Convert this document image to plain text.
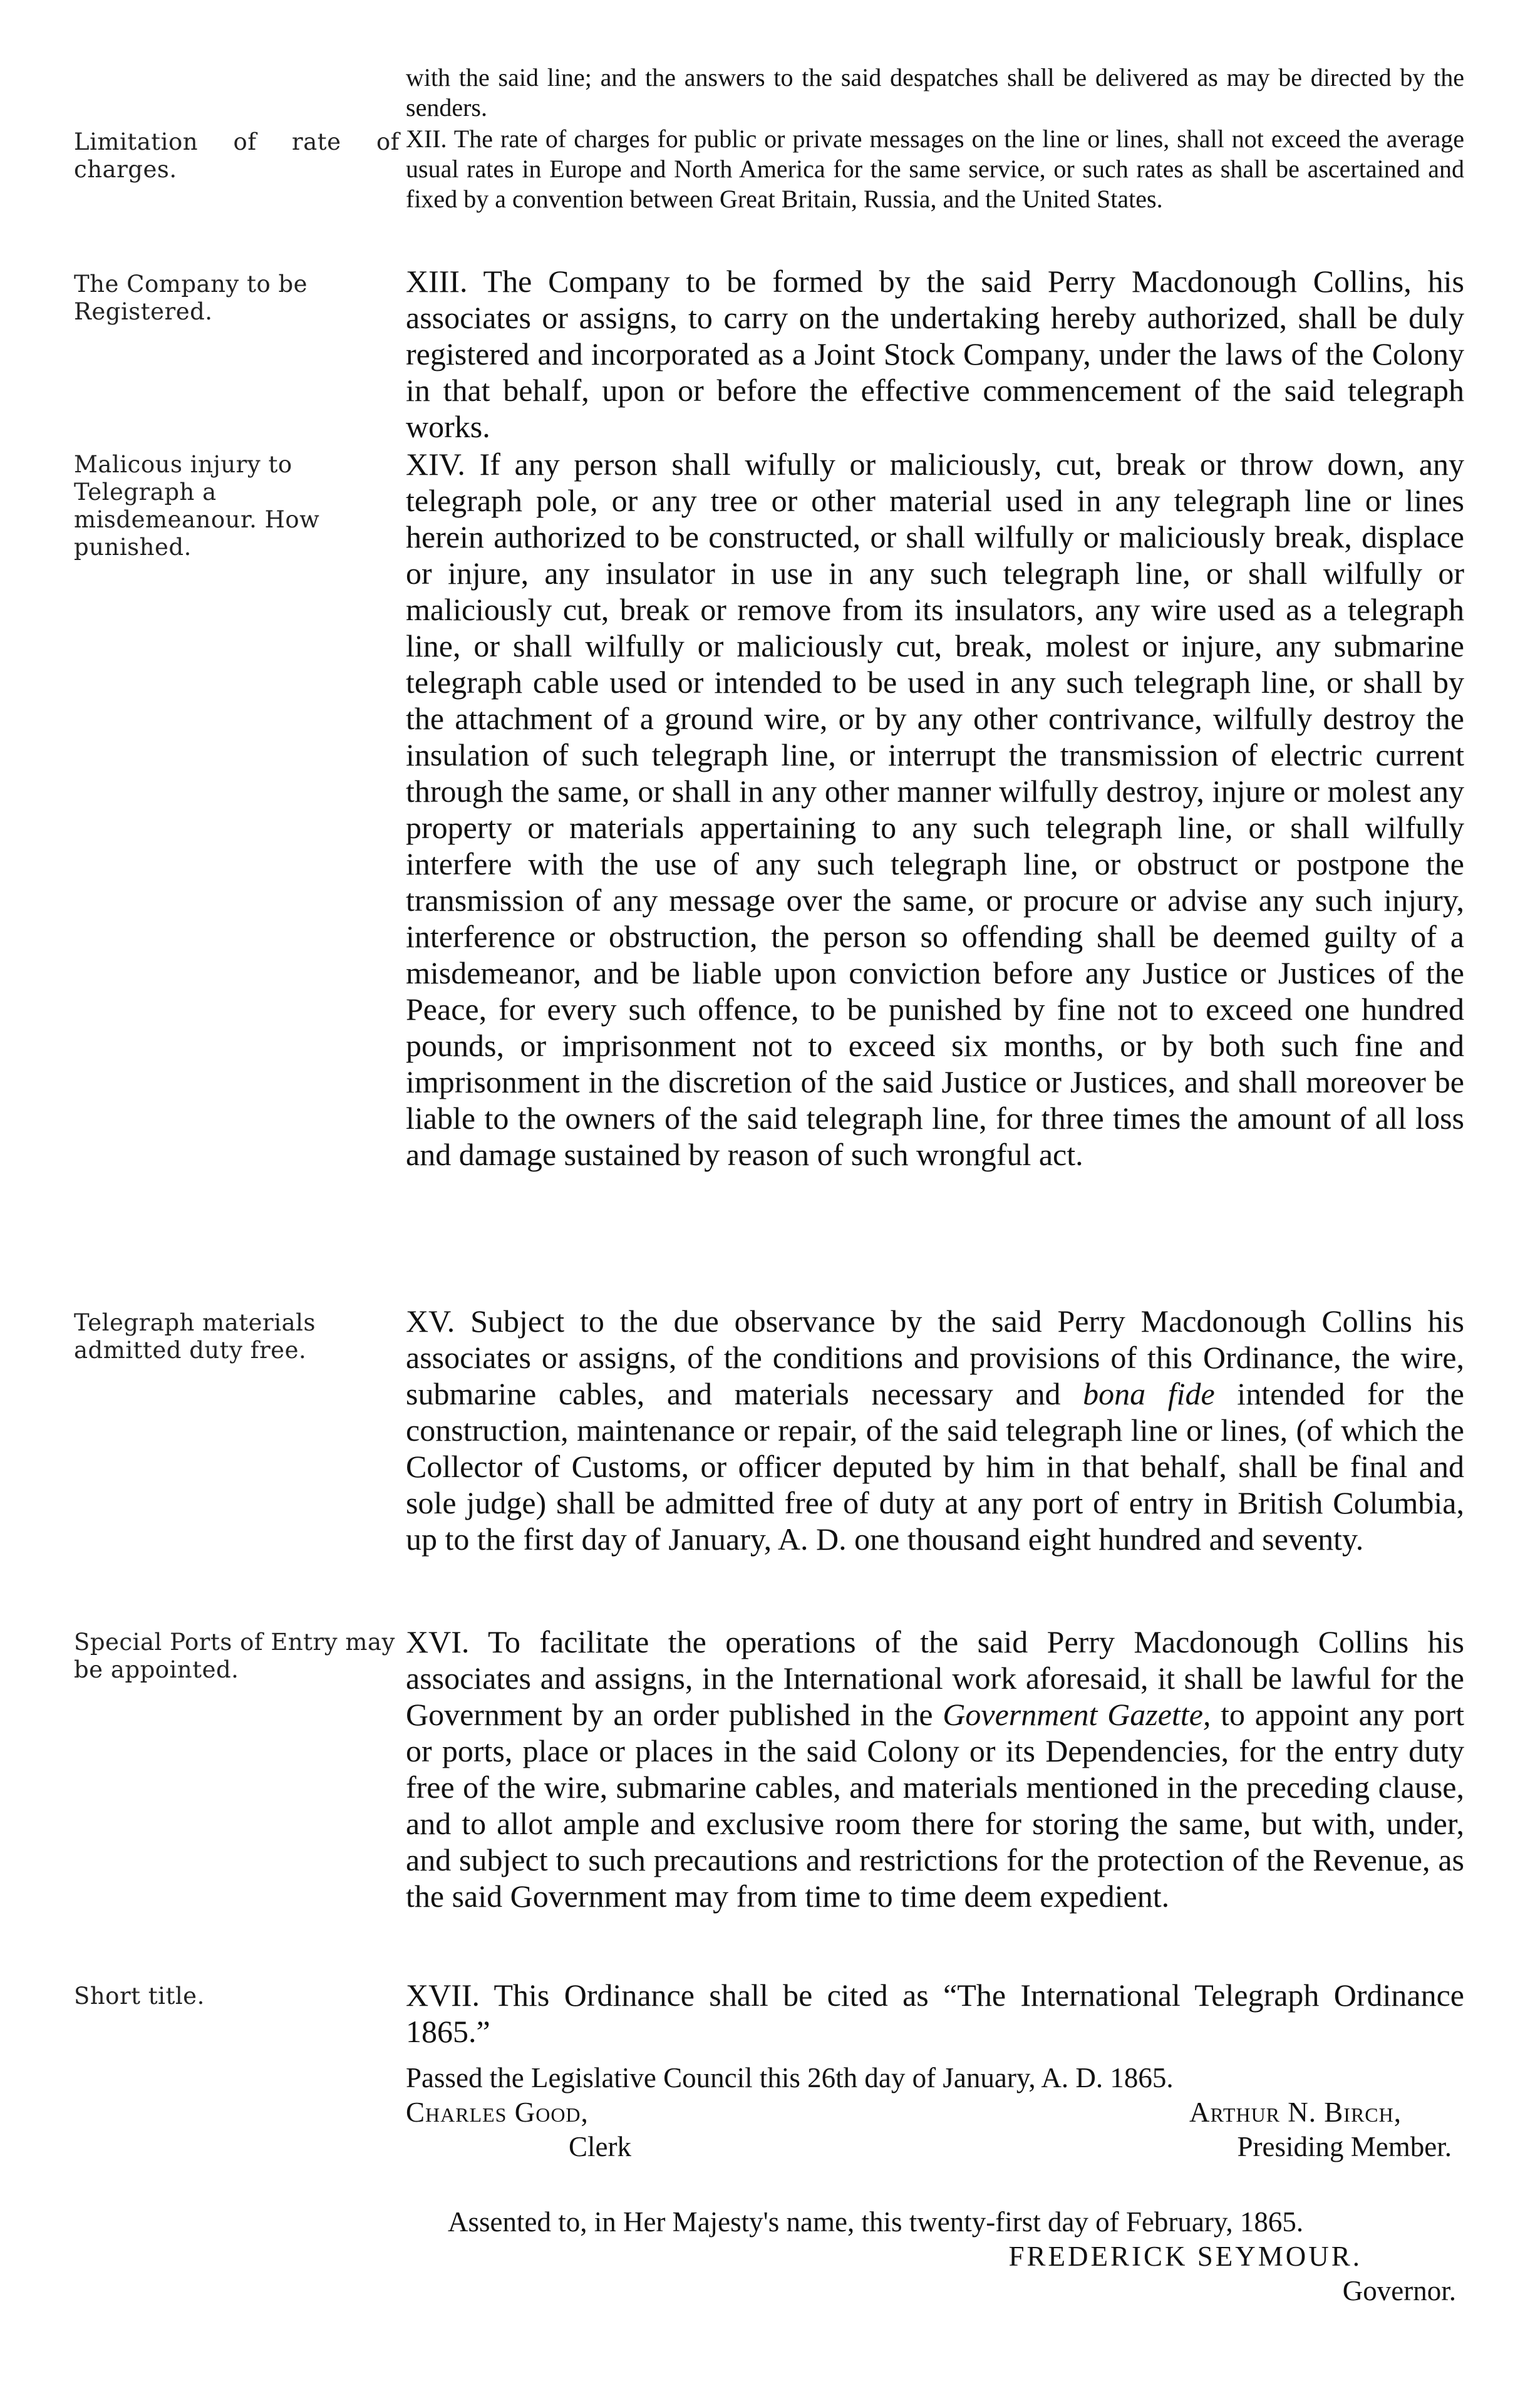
with the said line; and the answers to the said despatches shall be delivered as may be directed by the senders.

Limitation of rate of charges.

XII. The rate of charges for public or private messages on the line or lines, shall not exceed the average usual rates in Europe and North America for the same service, or such rates as shall be ascertained and fixed by a convention between Great Britain, Russia, and the United States.

The Company to be Registered.

XIII. The Company to be formed by the said Perry Macdonough Collins, his associates or assigns, to carry on the undertaking hereby authorized, shall be duly registered and incorporated as a Joint Stock Company, under the laws of the Colony in that behalf, upon or before the effective commencement of the said telegraph works.

Malicous injury to Telegraph a misdemeanour. How punished.

XIV. If any person shall wifully or maliciously, cut, break or throw down, any telegraph pole, or any tree or other material used in any telegraph line or lines herein authorized to be constructed, or shall wilfully or maliciously break, displace or injure, any insulator in use in any such telegraph line, or shall wilfully or maliciously cut, break or remove from its insulators, any wire used as a telegraph line, or shall wilfully or maliciously cut, break, molest or injure, any submarine telegraph cable used or intended to be used in any such telegraph line, or shall by the attachment of a ground wire, or by any other contrivance, wilfully destroy the insulation of such telegraph line, or interrupt the transmission of electric current through the same, or shall in any other manner wilfully destroy, injure or molest any property or materials appertaining to any such telegraph line, or shall wilfully interfere with the use of any such telegraph line, or obstruct or postpone the transmission of any message over the same, or procure or advise any such injury, interference or obstruction, the person so offending shall be deemed guilty of a misdemeanor, and be liable upon conviction before any Justice or Justices of the Peace, for every such offence, to be punished by fine not to exceed one hundred pounds, or imprisonment not to exceed six months, or by both such fine and imprisonment in the discretion of the said Justice or Justices, and shall moreover be liable to the owners of the said telegraph line, for three times the amount of all loss and damage sustained by reason of such wrongful act.

Telegraph materials admitted duty free.

XV. Subject to the due observance by the said Perry Macdonough Collins his associates or assigns, of the conditions and provisions of this Ordinance, the wire, submarine cables, and materials necessary and bona fide intended for the construction, maintenance or repair, of the said telegraph line or lines, (of which the Collector of Customs, or officer deputed by him in that behalf, shall be final and sole judge) shall be admitted free of duty at any port of entry in British Columbia, up to the first day of January, A. D. one thousand eight hundred and seventy.

Special Ports of Entry may be appointed.

XVI. To facilitate the operations of the said Perry Macdonough Collins his associates and assigns, in the International work aforesaid, it shall be lawful for the Government by an order published in the Government Gazette, to appoint any port or ports, place or places in the said Colony or its Dependencies, for the entry duty free of the wire, submarine cables, and materials mentioned in the preceding clause, and to allot ample and exclusive room there for storing the same, but with, under, and subject to such precautions and restrictions for the protection of the Revenue, as the said Government may from time to time deem expedient.

Short title.	XVII. This Ordinance shall be cited as “The International Telegraph Ordinance 1865.”

Passed the Legislative Council this 26th day of January, A. D. 1865.
Charles Good,	Arthur N. Birch,
Clerk	Presiding Member.
Assented to, in Her Majesty's name, this twenty-first day of February, 1865.
FREDERICK SEYMOUR.
Governor.
